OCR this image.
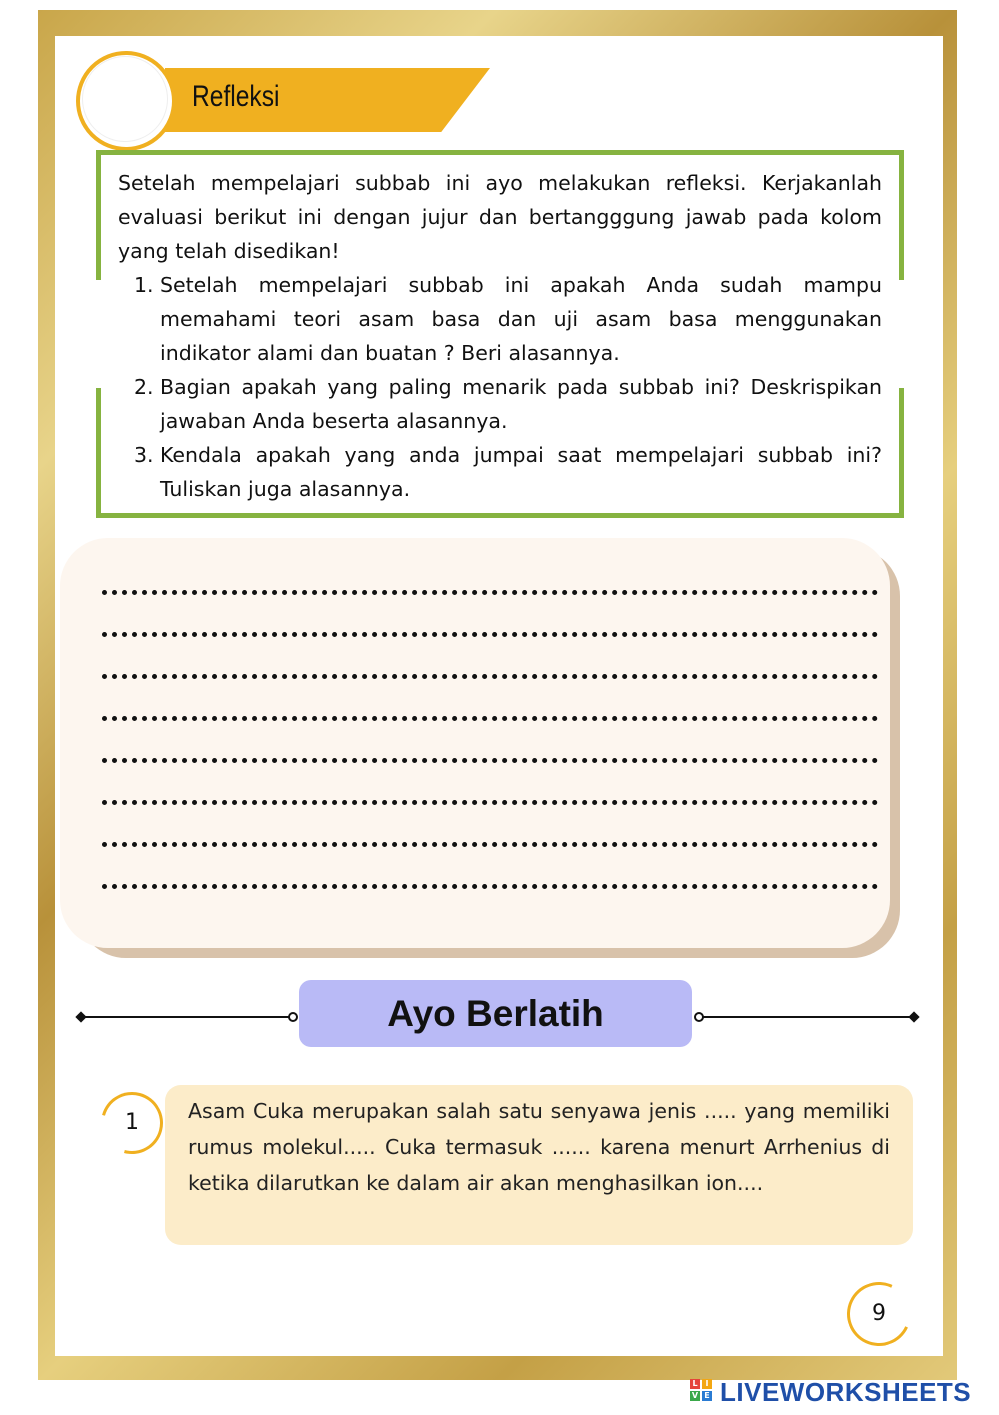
Refleksi

Setelah mempelajari subbab ini ayo melakukan refleksi. Kerjakanlah evaluasi berikut ini dengan jujur dan bertangggung jawab pada kolom yang telah disedikan!

1. Setelah mempelajari subbab ini apakah Anda sudah mampu memahami teori asam basa dan uji asam basa menggunakan indikator alami dan buatan ? Beri alasannya.
2. Bagian apakah yang paling menarik pada subbab ini? Deskrispikan jawaban Anda beserta alasannya.
3. Kendala apakah yang anda jumpai saat mempelajari subbab ini? Tuliskan juga alasannya.
Ayo Berlatih
1	Asam Cuka merupakan salah satu senyawa jenis ..... yang memiliki rumus molekul..... Cuka termasuk ...... karena menurt Arrhenius di ketika dilarutkan ke dalam air akan menghasilkan ion....
9
L I
V E LIVEWORKSHEETS
